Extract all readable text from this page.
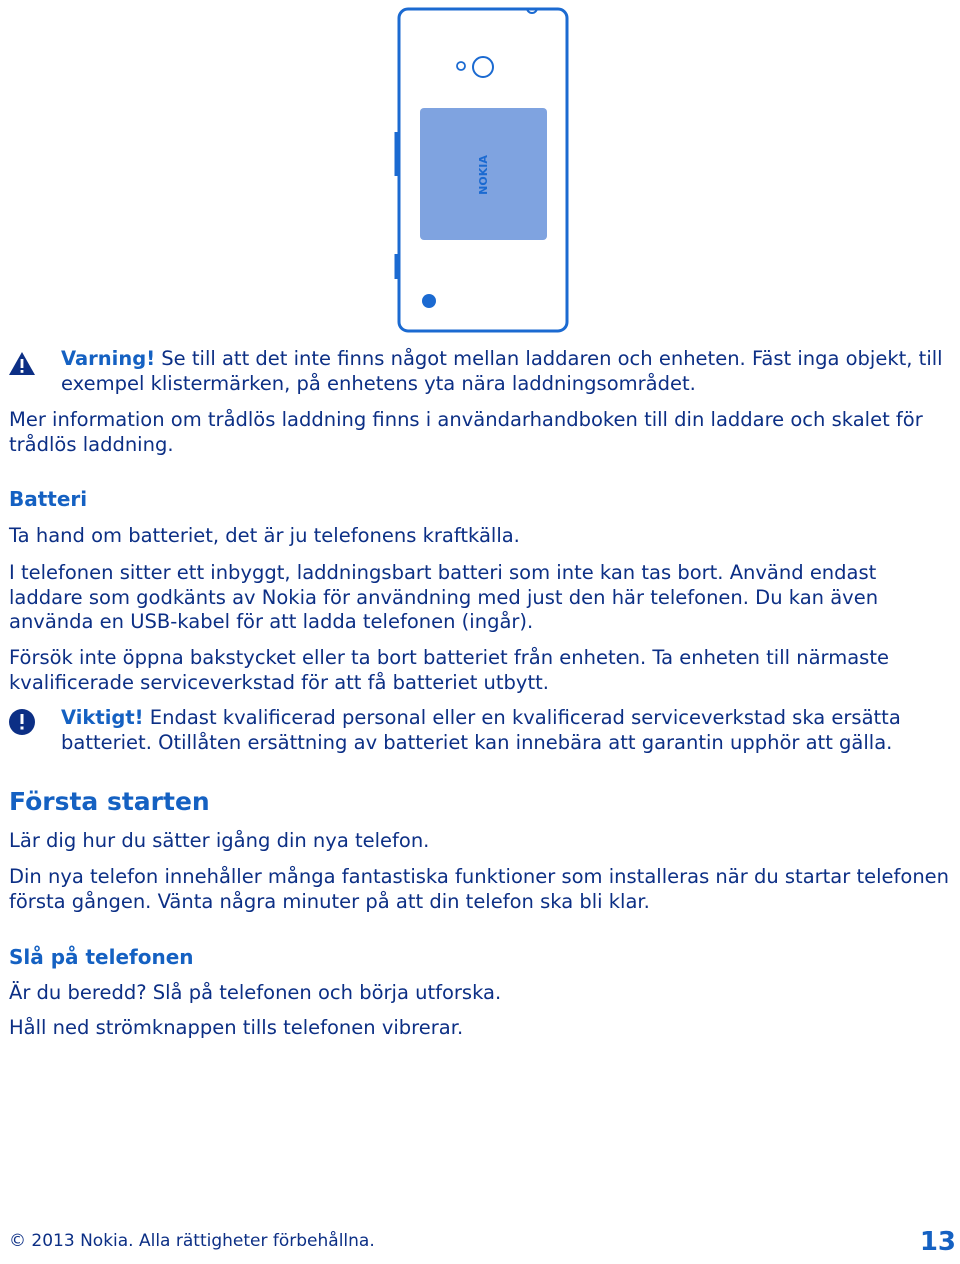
NOKIA

Varning! Se till att det inte finns något mellan laddaren och enheten. Fäst inga objekt, till exempel klistermärken, på enhetens yta nära laddningsområdet.

Mer information om trådlös laddning finns i användarhandboken till din laddare och skalet för trådlös laddning.

Batteri

Ta hand om batteriet, det är ju telefonens kraftkälla.

I telefonen sitter ett inbyggt, laddningsbart batteri som inte kan tas bort. Använd endast laddare som godkänts av Nokia för användning med just den här telefonen. Du kan även använda en USB-kabel för att ladda telefonen (ingår).

Försök inte öppna bakstycket eller ta bort batteriet från enheten. Ta enheten till närmaste kvalificerade serviceverkstad för att få batteriet utbytt.

Viktigt! Endast kvalificerad personal eller en kvalificerad serviceverkstad ska ersätta batteriet. Otillåten ersättning av batteriet kan innebära att garantin upphör att gälla.

Första starten

Lär dig hur du sätter igång din nya telefon.

Din nya telefon innehåller många fantastiska funktioner som installeras när du startar telefonen första gången. Vänta några minuter på att din telefon ska bli klar.

Slå på telefonen

Är du beredd? Slå på telefonen och börja utforska.

Håll ned strömknappen tills telefonen vibrerar.

© 2013 Nokia. Alla rättigheter förbehållna.	13
